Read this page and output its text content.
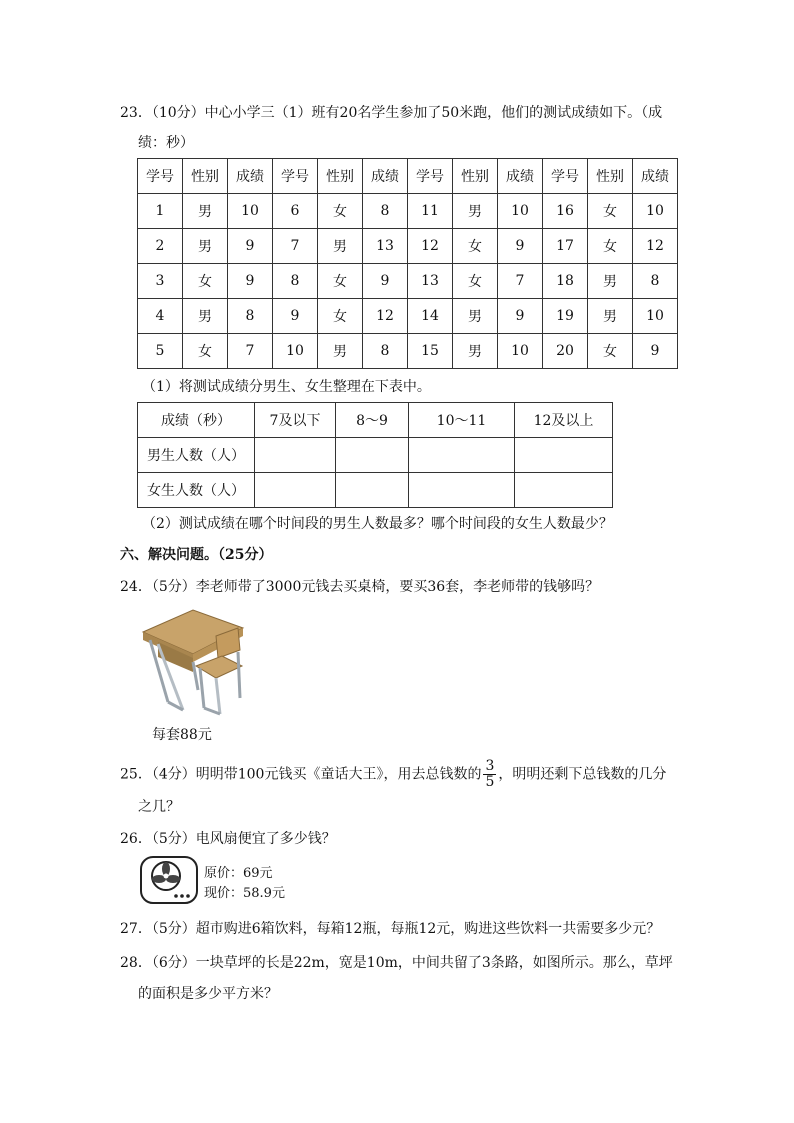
23．（10分）中心小学三（1）班有20名学生参加了50米跑，他们的测试成绩如下。（成
绩：秒）
学号	性别	成绩	学号	性别	成绩	学号	性别	成绩	学号	性别	成绩
1	男	10	6	女	8	11	男	10	16	女	10
2	男	9	7	男	13	12	女	9	17	女	12
3	女	9	8	女	9	13	女	7	18	男	8
4	男	8	9	女	12	14	男	9	19	男	10
5	女	7	10	男	8	15	男	10	20	女	9
（1）将测试成绩分男生、女生整理在下表中。
成绩（秒）	7及以下	8～9	10～11	12及以上
男生人数（人）				
女生人数（人）				
（2）测试成绩在哪个时间段的男生人数最多？哪个时间段的女生人数最少？
六、解决问题。（25分）
24．（5分）李老师带了3000元钱去买桌椅，要买36套，李老师带的钱够吗？
每套88元
25．（4分）明明带100元钱买《童话大王》，用去总钱数的 $\frac{3}{5}$ ，明明还剩下总钱数的几分
之几？
26．（5分）电风扇便宜了多少钱？
原价：69元
现价：58.9元
27．（5分）超市购进6箱饮料，每箱12瓶，每瓶12元，购进这些饮料一共需要多少元？
28．（6分）一块草坪的长是22m，宽是10m，中间共留了3条路，如图所示。那么，草坪
的面积是多少平方米？
